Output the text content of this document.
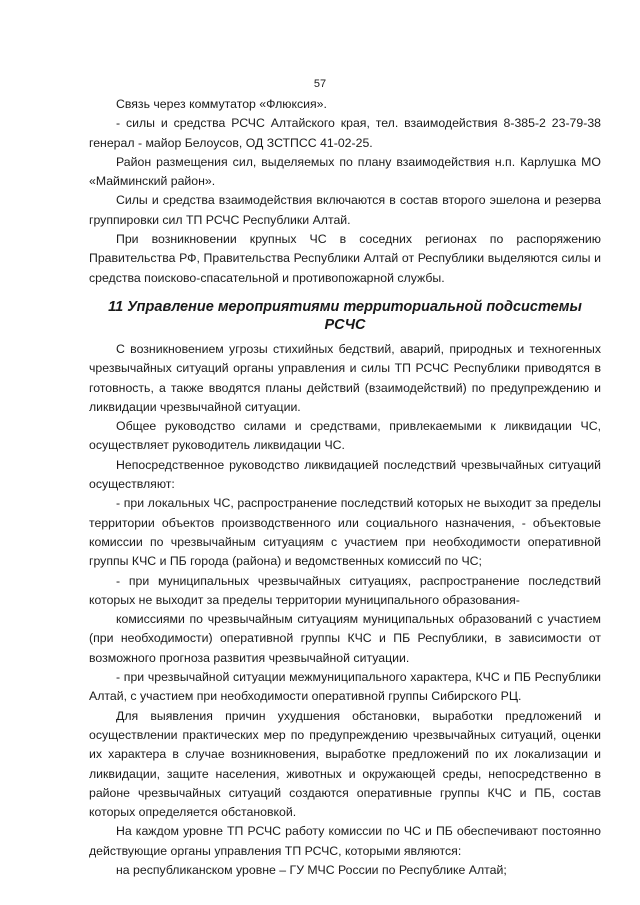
57

Связь через коммутатор «Флюксия».

- силы и средства РСЧС Алтайского края, тел. взаимодействия 8-385-2 23-79-38 генерал - майор Белоусов, ОД ЗСТПСС 41-02-25.

Район размещения сил, выделяемых по плану взаимодействия н.п. Карлушка МО «Майминский район».

Силы и средства взаимодействия включаются в состав второго эшелона и резерва группировки сил ТП РСЧС Республики Алтай.

При возникновении крупных ЧС в соседних регионах по распоряжению Правительства РФ, Правительства Республики Алтай от Республики выделяются силы и средства поисково-спасательной и противопожарной службы.

11 Управление мероприятиями территориальной подсистемы РСЧС

С возникновением угрозы стихийных бедствий, аварий, природных и техногенных чрезвычайных ситуаций органы управления и силы ТП РСЧС Республики приводятся в готовность, а также вводятся планы действий (взаимодействий) по предупреждению и ликвидации чрезвычайной ситуации.

Общее руководство силами и средствами, привлекаемыми к ликвидации ЧС, осуществляет руководитель ликвидации ЧС.

Непосредственное руководство ликвидацией последствий чрезвычайных ситуаций осуществляют:

- при локальных ЧС, распространение последствий которых не выходит за пределы территории объектов производственного или социального назначения, - объектовые комиссии по чрезвычайным ситуациям с участием при необходимости оперативной группы КЧС и ПБ города (района) и ведомственных комиссий по ЧС;

- при муниципальных чрезвычайных ситуациях, распространение последствий которых не выходит за пределы территории муниципального образования-

комиссиями по чрезвычайным ситуациям муниципальных образований с участием (при необходимости) оперативной группы КЧС и ПБ Республики, в зависимости от возможного прогноза развития чрезвычайной ситуации.

- при чрезвычайной ситуации межмуниципального характера, КЧС и ПБ Республики Алтай, с участием при необходимости оперативной группы Сибирского РЦ.

Для выявления причин ухудшения обстановки, выработки предложений и осуществлении практических мер по предупреждению чрезвычайных ситуаций, оценки их характера в случае возникновения, выработке предложений по их локализации и ликвидации, защите населения, животных и окружающей среды, непосредственно в районе чрезвычайных ситуаций создаются оперативные группы КЧС и ПБ, состав которых определяется обстановкой.

На каждом уровне ТП РСЧС работу комиссии по ЧС и ПБ обеспечивают постоянно действующие органы управления ТП РСЧС, которыми являются:

на республиканском уровне – ГУ МЧС России по Республике Алтай;
